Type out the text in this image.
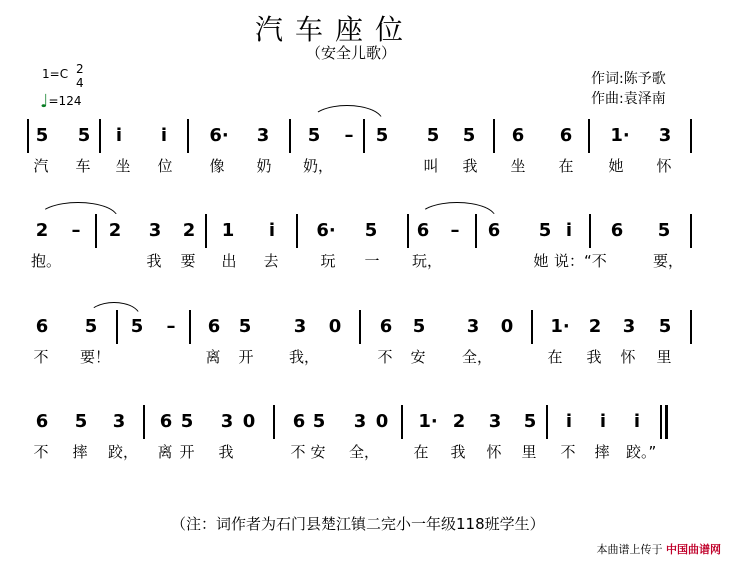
汽车座位
（安全儿歌）
1=C 2
4
♩=124
作词:陈予歌
作曲:袁泽南
5 5	i	i	6· 3 5 – 5 5 5 6 6 1· 3
汽 车 坐 位 像 奶 奶，	叫 我 坐 在 她 怀
2 – 2 3 2 1	i	6· 5 6 – 6 5 i	6 5
抱。	我 要 出 去	玩 一 玩，	她 说：“不	要，
6 5 5 – 6 5 3 0 6 5 3 0 1· 2 3 5
不 要！	离 开 我，	不 安 全，	在 我 怀 里
6 5 3 6 5 3 0 6 5 3 0 1· 2 3 5	i	i	i
不 摔 跤，	离 开 我	不 安 全，	在 我 怀 里 不 摔 跤。”
（注：词作者为石门县楚江镇二完小一年级118班学生）
本曲谱上传于 中国曲谱网
